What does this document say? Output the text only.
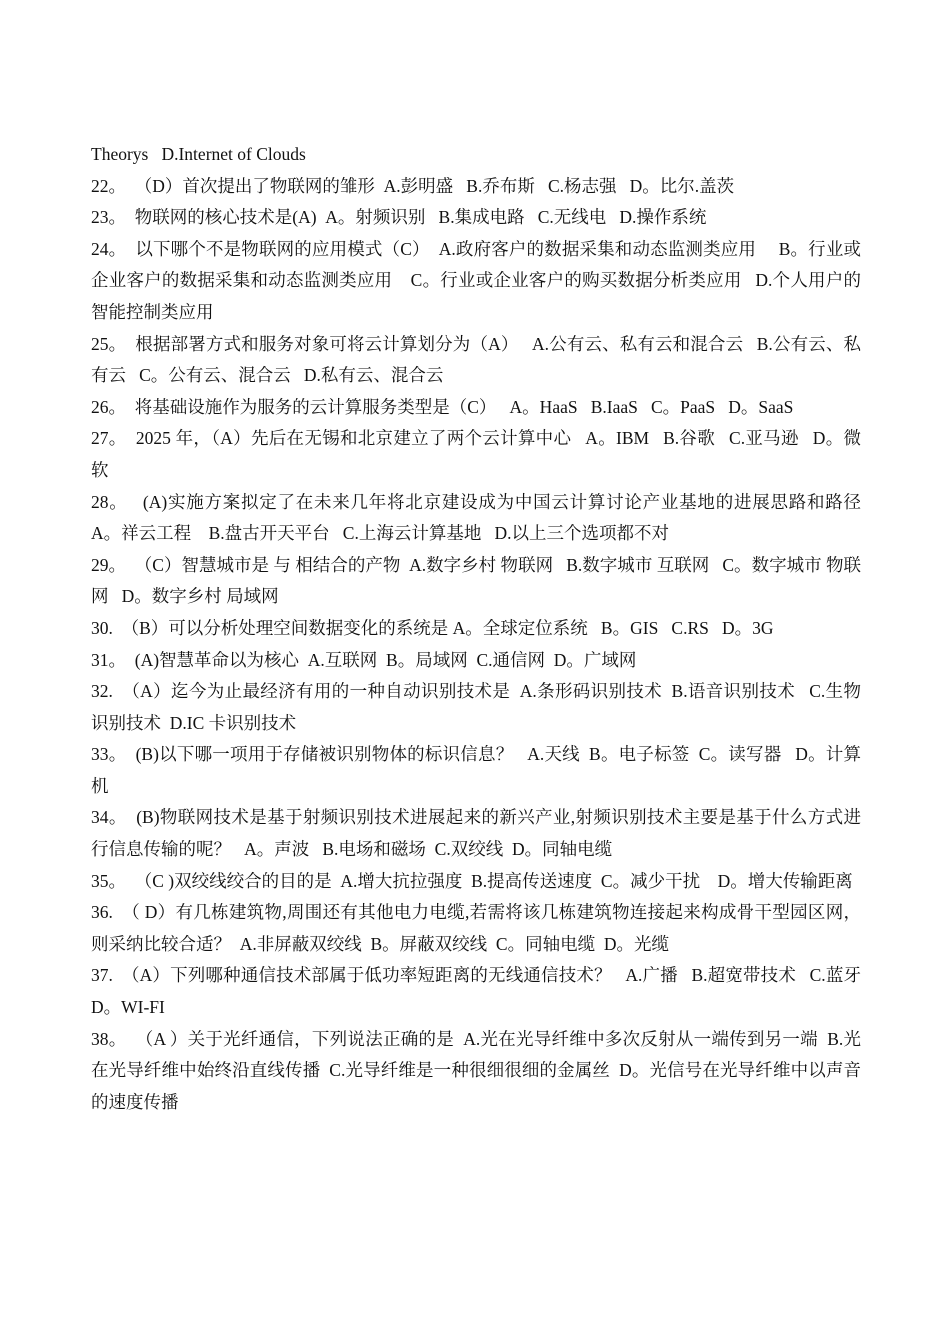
Theorys   D.Internet of Clouds

22。  （D）首次提出了物联网的雏形  A.彭明盛   B.乔布斯   C.杨志强   D。比尔.盖茨

23。  物联网的核心技术是(A)  A。射频识别   B.集成电路   C.无线电   D.操作系统

24。  以下哪个不是物联网的应用模式（C）  A.政府客户的数据采集和动态监测类应用     B。行业或企业客户的数据采集和动态监测类应用    C。行业或企业客户的购买数据分析类应用   D.个人用户的智能控制类应用

25。  根据部署方式和服务对象可将云计算划分为（A）   A.公有云、私有云和混合云   B.公有云、私有云   C。公有云、混合云   D.私有云、混合云

26。  将基础设施作为服务的云计算服务类型是（C）   A。HaaS   B.IaaS   C。PaaS   D。SaaS

27。  2025 年，（A）先后在无锡和北京建立了两个云计算中心   A。IBM   B.谷歌   C.亚马逊   D。微软

28。   (A)实施方案拟定了在未来几年将北京建设成为中国云计算讨论产业基地的进展思路和路径  A。祥云工程    B.盘古开天平台   C.上海云计算基地   D.以上三个选项都不对

29。  （C）智慧城市是 与 相结合的产物  A.数字乡村 物联网   B.数字城市 互联网   C。数字城市 物联网   D。数字乡村 局域网

30.  （B）可以分析处理空间数据变化的系统是 A。全球定位系统   B。GIS   C.RS   D。3G

31。  (A)智慧革命以为核心  A.互联网  B。局域网  C.通信网  D。广域网

32.  （A）迄今为止最经济有用的一种自动识别技术是  A.条形码识别技术  B.语音识别技术   C.生物识别技术  D.IC 卡识别技术

33。  (B)以下哪一项用于存储被识别物体的标识信息？   A.天线  B。电子标签  C。读写器   D。计算机

34。  (B)物联网技术是基于射频识别技术进展起来的新兴产业,射频识别技术主要是基于什么方式进行信息传输的呢？   A。声波   B.电场和磁场  C.双绞线  D。同轴电缆

35。  （C )双绞线绞合的目的是  A.增大抗拉强度  B.提高传送速度  C。减少干扰    D。增大传输距离

36.  （ D）有几栋建筑物,周围还有其他电力电缆,若需将该几栋建筑物连接起来构成骨干型园区网，则采纳比较合适？  A.非屏蔽双绞线  B。屏蔽双绞线  C。同轴电缆  D。光缆

37.  （A）下列哪种通信技术部属于低功率短距离的无线通信技术？   A.广播   B.超宽带技术   C.蓝牙  D。WI-FI

38。  （A ）关于光纤通信，下列说法正确的是  A.光在光导纤维中多次反射从一端传到另一端  B.光在光导纤维中始终沿直线传播  C.光导纤维是一种很细很细的金属丝  D。光信号在光导纤维中以声音的速度传播
